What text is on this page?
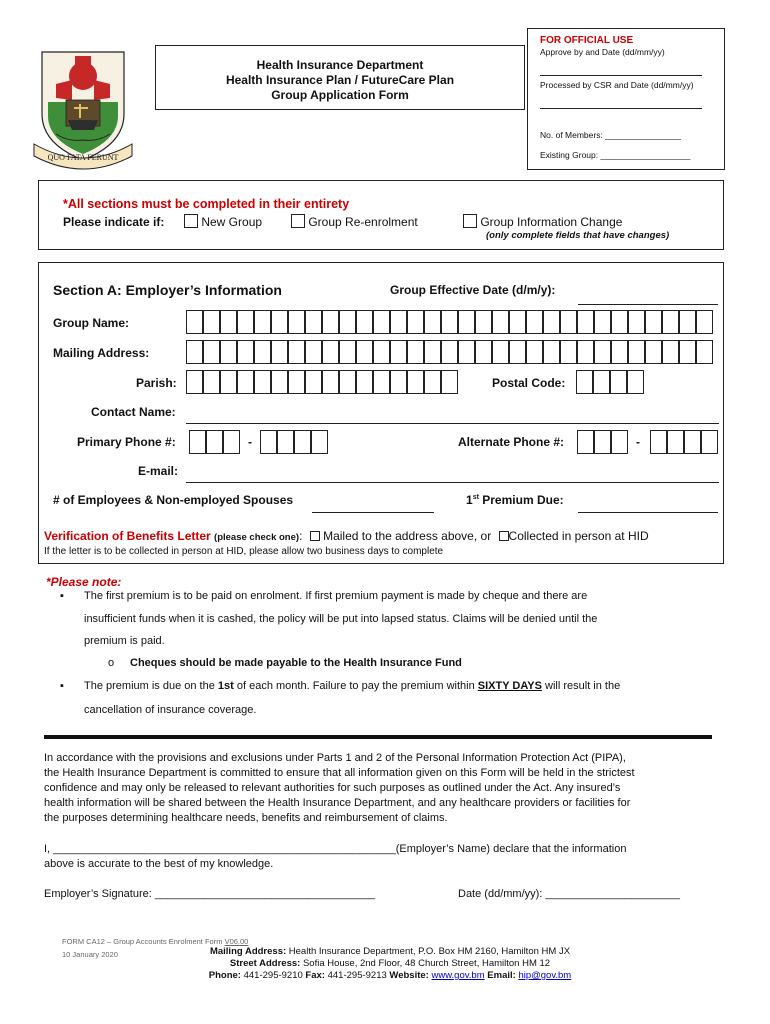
QUO FATA FERUNT
Health Insurance Department
Health Insurance Plan / FutureCare Plan
Group Application Form
FOR OFFICIAL USE
Approve by and Date (dd/mm/yy)
Processed by CSR and Date (dd/mm/yy)
No. of Members: ________________
Existing Group: ___________________
*All sections must be completed in their entirety
Please indicate if:	New Group	Group Re-enrolment	Group Information Change
(only complete fields that have changes)
Section A: Employer’s Information	Group Effective Date (d/m/y):
Group Name:
Mailing Address:
Parish:	Postal Code:
Contact Name:
Primary Phone #:	-	Alternate Phone #:	-
E-mail:
# of Employees & Non-employed Spouses	1st Premium Due:
Verification of Benefits Letter (please check one): Mailed to the address above, or Collected in person at HID
If the letter is to be collected in person at HID, please allow two business days to complete
*Please note:
▪ The first premium is to be paid on enrolment. If first premium payment is made by cheque and there are
insufficient funds when it is cashed, the policy will be put into lapsed status. Claims will be denied until the
premium is paid.
o Cheques should be made payable to the Health Insurance Fund
▪ The premium is due on the 1st of each month. Failure to pay the premium within SIXTY DAYS will result in the
cancellation of insurance coverage.
In accordance with the provisions and exclusions under Parts 1 and 2 of the Personal Information Protection Act (PIPA),
the Health Insurance Department is committed to ensure that all information given on this Form will be held in the strictest
confidence and may only be released to relevant authorities for such purposes as outlined under the Act. Any insured’s
health information will be shared between the Health Insurance Department, and any healthcare providers or facilities for
the purposes determining healthcare needs, benefits and reimbursement of claims.
I, ________________________________________________________(Employer’s Name) declare that the information
above is accurate to the best of my knowledge.
Employer’s Signature: ____________________________________	Date (dd/mm/yy): ______________________
FORM CA12 – Group Accounts Enrolment Form V06.00
10 January 2020	Mailing Address: Health Insurance Department, P.O. Box HM 2160, Hamilton HM JX
Street Address: Sofia House, 2nd Floor, 48 Church Street, Hamilton HM 12
Phone: 441-295-9210 Fax: 441-295-9213 Website: www.gov.bm Email: hip@gov.bm
